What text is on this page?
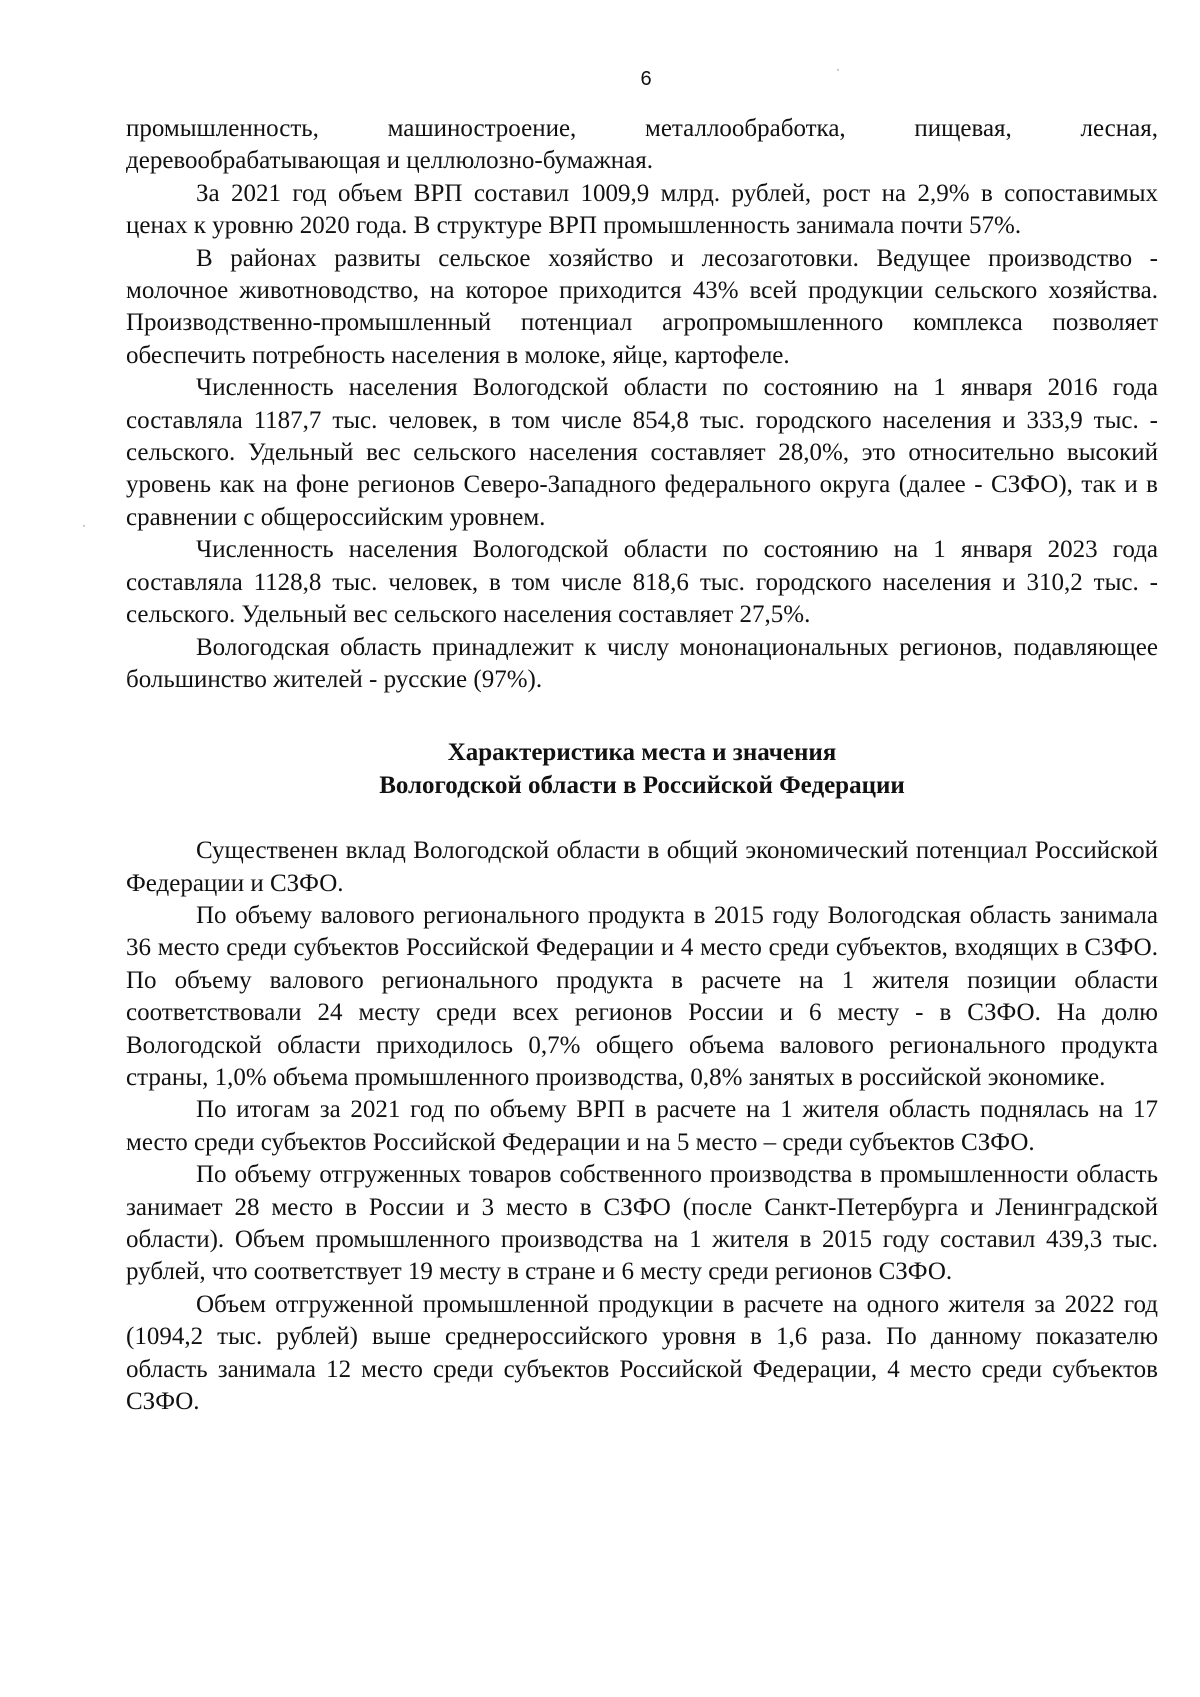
6

промышленность, машиностроение, металлообработка, пищевая, лесная, деревообрабатывающая и целлюлозно-бумажная.

За 2021 год объем ВРП составил 1009,9 млрд. рублей, рост на 2,9% в сопоставимых ценах к уровню 2020 года. В структуре ВРП промышленность занимала почти 57%.

В районах развиты сельское хозяйство и лесозаготовки. Ведущее производство - молочное животноводство, на которое приходится 43% всей продукции сельского хозяйства. Производственно-промышленный потенциал агропромышленного комплекса позволяет обеспечить потребность населения в молоке, яйце, картофеле.

Численность населения Вологодской области по состоянию на 1 января 2016 года составляла 1187,7 тыс. человек, в том числе 854,8 тыс. городского населения и 333,9 тыс. - сельского. Удельный вес сельского населения составляет 28,0%, это относительно высокий уровень как на фоне регионов Северо-Западного федерального округа (далее - СЗФО), так и в сравнении с общероссийским уровнем.

Численность населения Вологодской области по состоянию на 1 января 2023 года составляла 1128,8 тыс. человек, в том числе 818,6 тыс. городского населения и 310,2 тыс. - сельского. Удельный вес сельского населения составляет 27,5%.

Вологодская область принадлежит к числу мононациональных регионов, подавляющее большинство жителей - русские (97%).

Характеристика места и значения
Вологодской области в Российской Федерации

Существенен вклад Вологодской области в общий экономический потенциал Российской Федерации и СЗФО.

По объему валового регионального продукта в 2015 году Вологодская область занимала 36 место среди субъектов Российской Федерации и 4 место среди субъектов, входящих в СЗФО. По объему валового регионального продукта в расчете на 1 жителя позиции области соответствовали 24 месту среди всех регионов России и 6 месту - в СЗФО. На долю Вологодской области приходилось 0,7% общего объема валового регионального продукта страны, 1,0% объема промышленного производства, 0,8% занятых в российской экономике.

По итогам за 2021 год по объему ВРП в расчете на 1 жителя область поднялась на 17 место среди субъектов Российской Федерации и на 5 место – среди субъектов СЗФО.

По объему отгруженных товаров собственного производства в промышленности область занимает 28 место в России и 3 место в СЗФО (после Санкт-Петербурга и Ленинградской области). Объем промышленного производства на 1 жителя в 2015 году составил 439,3 тыс. рублей, что соответствует 19 месту в стране и 6 месту среди регионов СЗФО.

Объем отгруженной промышленной продукции в расчете на одного жителя за 2022 год (1094,2 тыс. рублей) выше среднероссийского уровня в 1,6 раза. По данному показателю область занимала 12 место среди субъектов Российской Федерации, 4 место среди субъектов СЗФО.

·
·
